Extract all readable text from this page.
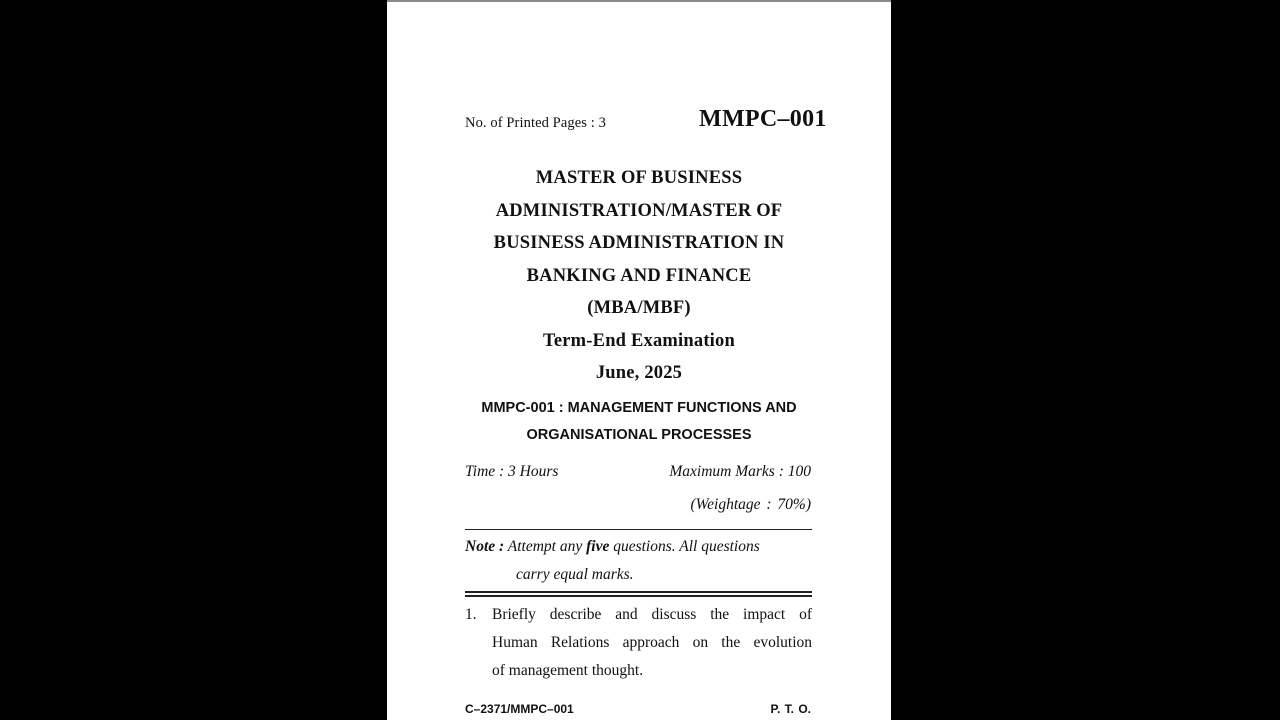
No. of Printed Pages : 3	MMPC–001
MASTER OF BUSINESS
ADMINISTRATION/MASTER OF
BUSINESS ADMINISTRATION IN
BANKING AND FINANCE
(MBA/MBF)
Term-End Examination
June, 2025
MMPC-001 : MANAGEMENT FUNCTIONS AND
ORGANISATIONAL PROCESSES
Time : 3 Hours	Maximum Marks : 100
(Weightage : 70%)
Note : Attempt any five questions. All questions
carry equal marks.
1. Briefly describe and discuss the impact of
Human Relations approach on the evolution
of management thought.
C–2371/MMPC–001	P. T. O.
